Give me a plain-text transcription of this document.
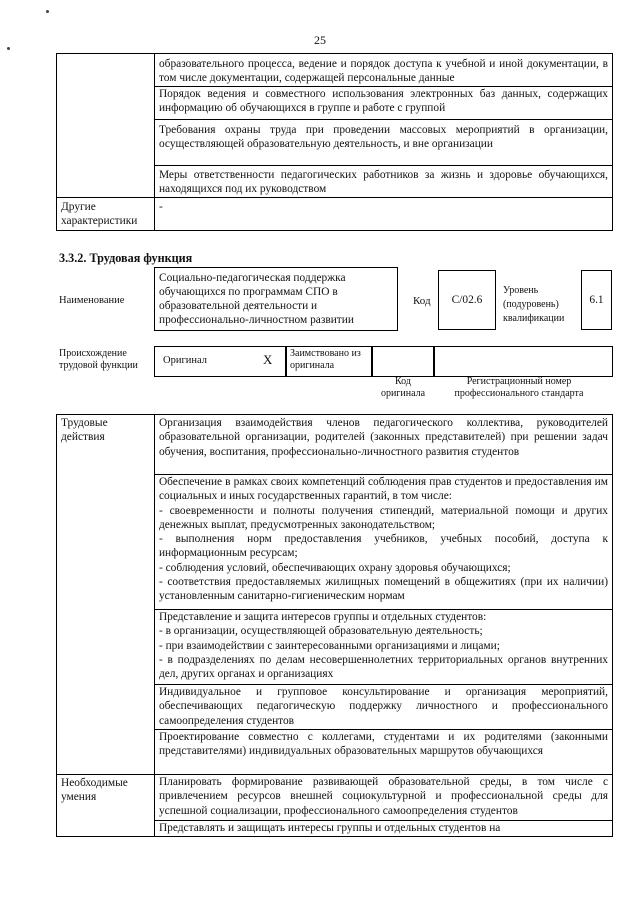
25
	образовательного процесса, ведение и порядок доступа к учебной и иной документации, в том числе документации, содержащей персональные данные
	Порядок ведения и совместного использования электронных баз данных, содержащих информацию об обучающихся в группе и работе с группой
	Требования охраны труда при проведении массовых мероприятий в организации, осуществляющей образовательную деятельность, и вне организации
	Меры ответственности педагогических работников за жизнь и здоровье обучающихся, находящихся под их руководством
Другие характеристики	-
3.3.2. Трудовая функция
Наименование
Социально-педагогическая поддержка обучающихся по программам СПО в образовательной деятельности и профессионально-личностном развитии
Код	С/02.6
Уровень (подуровень) квалификации
6.1
Происхождение трудовой функции	Оригинал	X	Заимствовано из оригинала
Код оригинала
Регистрационный номер профессионального стандарта
Трудовые действия	Организация взаимодействия членов педагогического коллектива, руководителей образовательной организации, родителей (законных представителей) при решении задач обучения, воспитания, профессионально-личностного развития студентов
	Обеспечение в рамках своих компетенций соблюдения прав студентов и предоставления им социальных и иных государственных гарантий, в том числе:
- своевременности и полноты получения стипендий, материальной помощи и других денежных выплат, предусмотренных законодательством;
- выполнения норм предоставления учебников, учебных пособий, доступа к информационным ресурсам;
- соблюдения условий, обеспечивающих охрану здоровья обучающихся;
- соответствия предоставляемых жилищных помещений в общежитиях (при их наличии) установленным санитарно-гигиеническим нормам
	Представление и защита интересов группы и отдельных студентов:
- в организации, осуществляющей образовательную деятельность;
- при взаимодействии с заинтересованными организациями и лицами;
- в подразделениях по делам несовершеннолетних территориальных органов внутренних дел, других органах и организациях
	Индивидуальное и групповое консультирование и организация мероприятий, обеспечивающих педагогическую поддержку личностного и профессионального самоопределения студентов
	Проектирование совместно с коллегами, студентами и их родителями (законными представителями) индивидуальных образовательных маршрутов обучающихся
Необходимые умения	Планировать формирование развивающей образовательной среды, в том числе с привлечением ресурсов внешней социокультурной и профессиональной среды для успешной социализации, профессионального самоопределения студентов
	Представлять и защищать интересы группы и отдельных студентов на
